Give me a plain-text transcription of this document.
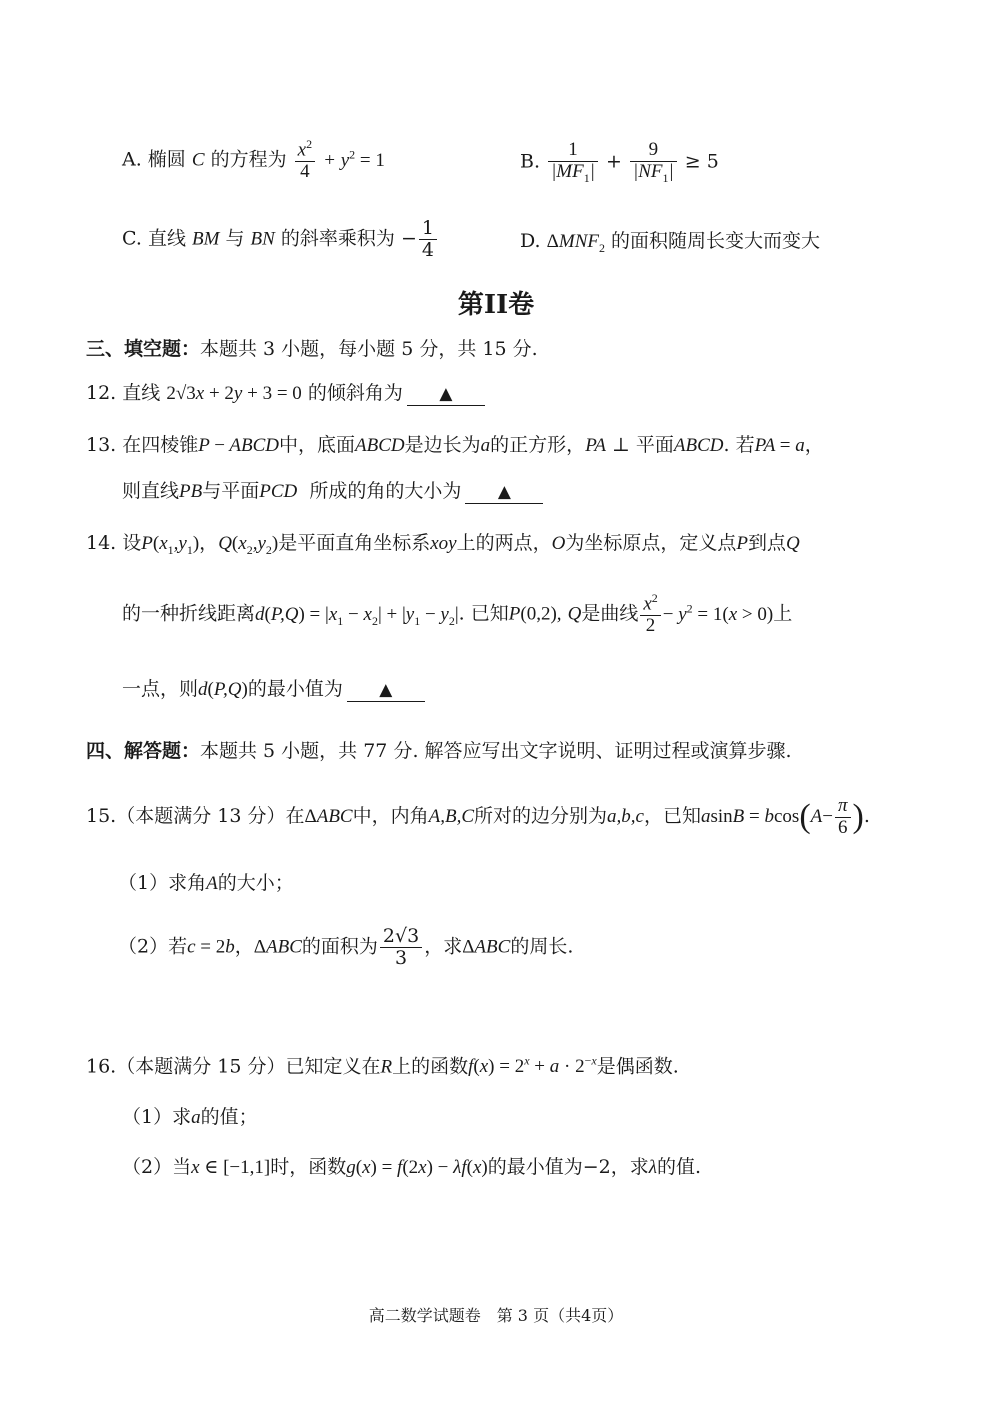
A. 椭圆 C 的方程为 $\frac{x^2}{4} + y^2 = 1$	B. $\frac{1}{|MF_1|} + \frac{9}{|NF_1|} \ge 5$
C. 直线 BM 与 BN 的斜率乘积为 − $\frac{1}{4}$	D. $\Delta MNF_2$ 的面积随周长变大而变大
第II卷
三、填空题：本题共 3 小题，每小题 5 分，共 15 分.
12. 直线 2√3x + 2y + 3 = 0 的倾斜角为 ▲
13. 在四棱锥P − ABCD中，底面ABCD是边长为a的正方形，PA ⊥ 平面ABCD. 若PA = a，
则直线PB与平面PCD 所成的角的大小为 ▲
14. 设$P(x_1,y_1)$，$Q(x_2,y_2)$是平面直角坐标系xoy上的两点，O为坐标原点，定义点P到点Q
的一种折线距离$d(P,Q) = |x_1 - x_2| + |y_1 - y_2|$. 已知P(0,2), Q是曲线 $\frac{x^2}{2} - y^2 = 1(x > 0)$上
一点，则d(P,Q)的最小值为 ▲
四、解答题：本题共 5 小题，共 77 分. 解答应写出文字说明、证明过程或演算步骤.
15.（本题满分 13 分）在ΔABC中，内角A,B,C所对的边分别为a,b,c，已知$asinB = bcos(A- \frac{\pi}{6}$ ).
（1）求角A的大小；
（2）若c = 2b，ΔABC的面积为 $\frac{2√3}{3}$ ，求ΔABC的周长.
16.（本题满分 15 分）已知定义在R上的函数$f(x) = 2^x + a \cdot 2^{-x}$是偶函数.
（1）求a的值；
（2）当x ∈ [−1,1]时，函数g(x) = f(2x) − λf(x)的最小值为−2，求λ的值.
高二数学试题卷　第 3 页（共4页）
